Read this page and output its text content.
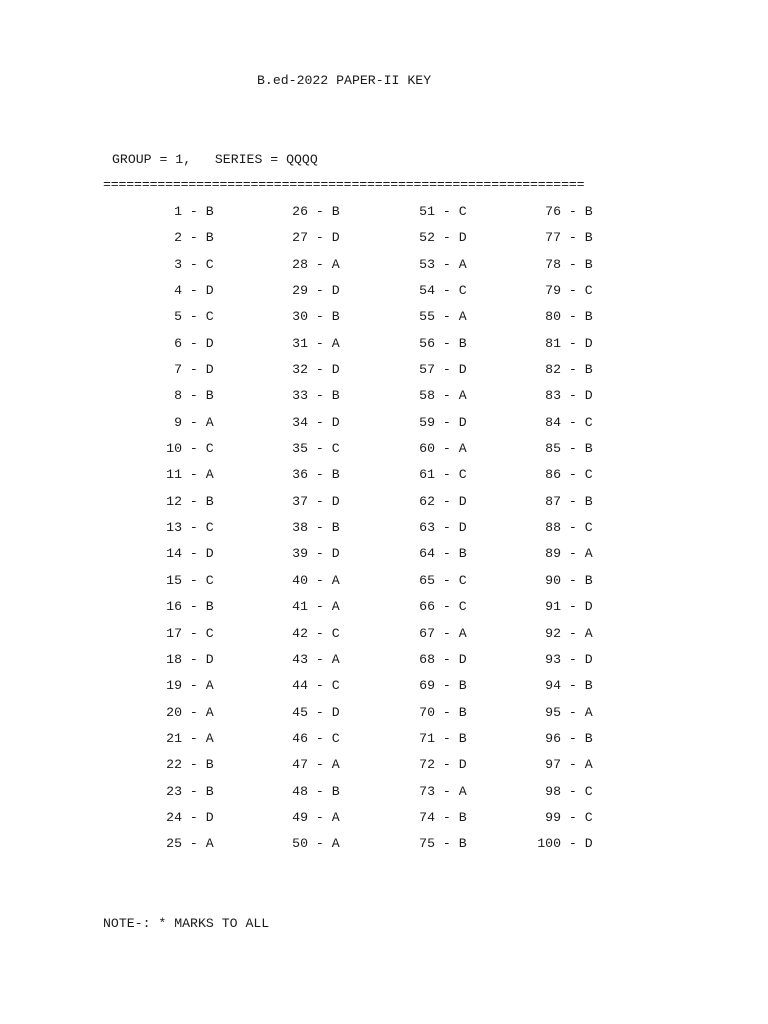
B.ed-2022 PAPER-II KEY
GROUP = 1,   SERIES = QQQQ
==============================================================
1 - B	26 - B	51 - C	76 - B
2 - B	27 - D	52 - D	77 - B
3 - C	28 - A	53 - A	78 - B
4 - D	29 - D	54 - C	79 - C
5 - C	30 - B	55 - A	80 - B
6 - D	31 - A	56 - B	81 - D
7 - D	32 - D	57 - D	82 - B
8 - B	33 - B	58 - A	83 - D
9 - A	34 - D	59 - D	84 - C
10 - C	35 - C	60 - A	85 - B
11 - A	36 - B	61 - C	86 - C
12 - B	37 - D	62 - D	87 - B
13 - C	38 - B	63 - D	88 - C
14 - D	39 - D	64 - B	89 - A
15 - C	40 - A	65 - C	90 - B
16 - B	41 - A	66 - C	91 - D
17 - C	42 - C	67 - A	92 - A
18 - D	43 - A	68 - D	93 - D
19 - A	44 - C	69 - B	94 - B
20 - A	45 - D	70 - B	95 - A
21 - A	46 - C	71 - B	96 - B
22 - B	47 - A	72 - D	97 - A
23 - B	48 - B	73 - A	98 - C
24 - D	49 - A	74 - B	99 - C
25 - A	50 - A	75 - B	100 - D
NOTE-: * MARKS TO ALL
